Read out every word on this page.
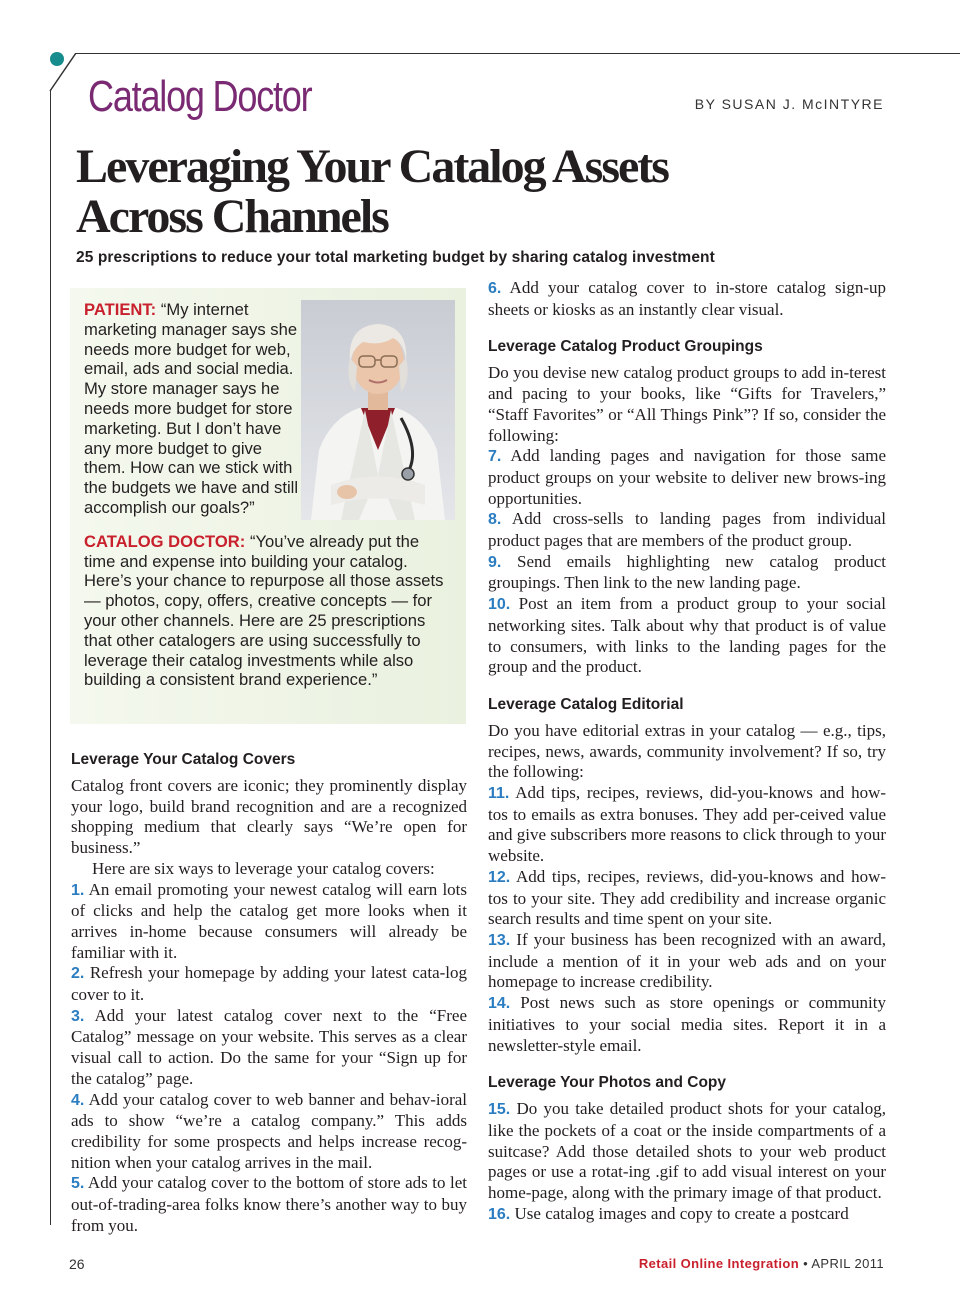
Catalog Doctor	BY SUSAN J. McINTYRE
Leveraging Your Catalog Assets
Across Channels
25 prescriptions to reduce your total marketing budget by sharing catalog investment

PATIENT: “My internet marketing manager says she needs more budget for web, email, ads and social media. My store manager says he needs more budget for store marketing. But I don’t have any more budget to give them. How can we stick with the budgets we have and still accomplish our goals?”

CATALOG DOCTOR: “You’ve already put the time and expense into building your catalog. Here’s your chance to repurpose all those assets — photos, copy, offers, creative concepts — for your other channels. Here are 25 prescriptions that other catalogers are using successfully to leverage their catalog investments while also building a consistent brand experience.”

Leverage Your Catalog Covers

Catalog front covers are iconic; they prominently display your logo, build brand recognition and are a recognized shopping medium that clearly says “We’re open for business.”

Here are six ways to leverage your catalog covers:

1. An email promoting your newest catalog will earn lots of clicks and help the catalog get more looks when it arrives in-home because consumers will already be familiar with it.

2. Refresh your homepage by adding your latest cata-log cover to it.

3. Add your latest catalog cover next to the “Free Catalog” message on your website. This serves as a clear visual call to action. Do the same for your “Sign up for the catalog” page.

4. Add your catalog cover to web banner and behav-ioral ads to show “we’re a catalog company.” This adds credibility for some prospects and helps increase recog-nition when your catalog arrives in the mail.

5. Add your catalog cover to the bottom of store ads to let out-of-trading-area folks know there’s another way to buy from you.

6. Add your catalog cover to in-store catalog sign-up sheets or kiosks as an instantly clear visual.

Leverage Catalog Product Groupings

Do you devise new catalog product groups to add in-terest and pacing to your books, like “Gifts for Travelers,” “Staff Favorites” or “All Things Pink”? If so, consider the following:

7. Add landing pages and navigation for those same product groups on your website to deliver new brows-ing opportunities.

8. Add cross-sells to landing pages from individual product pages that are members of the product group.

9. Send emails highlighting new catalog product groupings. Then link to the new landing page.

10. Post an item from a product group to your social networking sites. Talk about why that product is of value to consumers, with links to the landing pages for the group and the product.

Leverage Catalog Editorial

Do you have editorial extras in your catalog — e.g., tips, recipes, news, awards, community involvement? If so, try the following:

11. Add tips, recipes, reviews, did-you-knows and how-tos to emails as extra bonuses. They add per-ceived value and give subscribers more reasons to click through to your website.

12. Add tips, recipes, reviews, did-you-knows and how-tos to your site. They add credibility and increase organic search results and time spent on your site.

13. If your business has been recognized with an award, include a mention of it in your web ads and on your homepage to increase credibility.

14. Post news such as store openings or community initiatives to your social media sites. Report it in a newsletter-style email.

Leverage Your Photos and Copy

15. Do you take detailed product shots for your catalog, like the pockets of a coat or the inside compartments of a suitcase? Add those detailed shots to your web product pages or use a rotat-ing .gif to add visual interest on your home-page, along with the primary image of that product.

16. Use catalog images and copy to create a postcard

26	Retail Online Integration • APRIL 2011
